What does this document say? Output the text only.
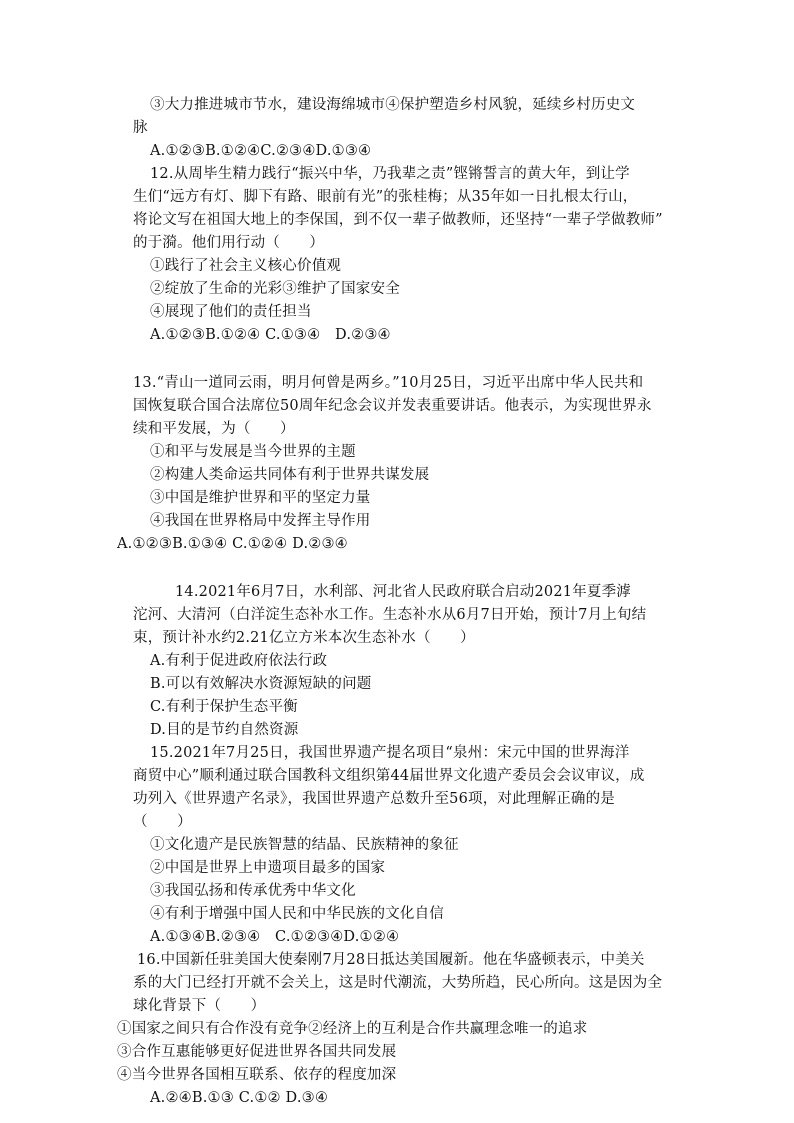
③大力推进城市节水，建设海绵城市④保护塑造乡村风貌，延续乡村历史文
脉
A.①②③B.①②④C.②③④D.①③④
12.从周毕生精力践行“振兴中华，乃我辈之责”铿锵誓言的黄大年，到让学
生们“远方有灯、脚下有路、眼前有光”的张桂梅；从35年如一日扎根太行山，
将论文写在祖国大地上的李保国，到不仅一辈子做教师，还坚持“一辈子学做教师”
的于漪。他们用行动（　　）
①践行了社会主义核心价值观
②绽放了生命的光彩③维护了国家安全
④展现了他们的责任担当
A.①②③B.①②④ C.①③④　D.②③④
13.“青山一道同云雨，明月何曾是两乡。”10月25日，习近平出席中华人民共和
国恢复联合国合法席位50周年纪念会议并发表重要讲话。他表示，为实现世界永
续和平发展，为（　　）
①和平与发展是当今世界的主题
②构建人类命运共同体有利于世界共谋发展
③中国是维护世界和平的坚定力量
④我国在世界格局中发挥主导作用
A.①②③B.①③④ C.①②④ D.②③④
14.2021年6月7日，水利部、河北省人民政府联合启动2021年夏季滹
沱河、大清河（白洋淀生态补水工作。生态补水从6月7日开始，预计7月上旬结
束，预计补水约2.21亿立方米本次生态补水（　　）
A.有利于促进政府依法行政
B.可以有效解决水资源短缺的问题
C.有利于保护生态平衡
D.目的是节约自然资源
15.2021年7月25日，我国世界遗产提名项目“泉州：宋元中国的世界海洋
商贸中心”顺利通过联合国教科文组织第44届世界文化遗产委员会会议审议，成
功列入《世界遗产名录》，我国世界遗产总数升至56项，对此理解正确的是
（　　）
①文化遗产是民族智慧的结晶、民族精神的象征
②中国是世界上申遗项目最多的国家
③我国弘扬和传承优秀中华文化
④有利于增强中国人民和中华民族的文化自信
A.①③④B.②③④　C.①②③④D.①②④
16.中国新任驻美国大使秦刚7月28日抵达美国履新。他在华盛顿表示，中美关
系的大门已经打开就不会关上，这是时代潮流，大势所趋，民心所向。这是因为全
球化背景下（　　）
①国家之间只有合作没有竞争②经济上的互利是合作共赢理念唯一的追求
③合作互惠能够更好促进世界各国共同发展
④当今世界各国相互联系、依存的程度加深
A.②④B.①③ C.①② D.③④
